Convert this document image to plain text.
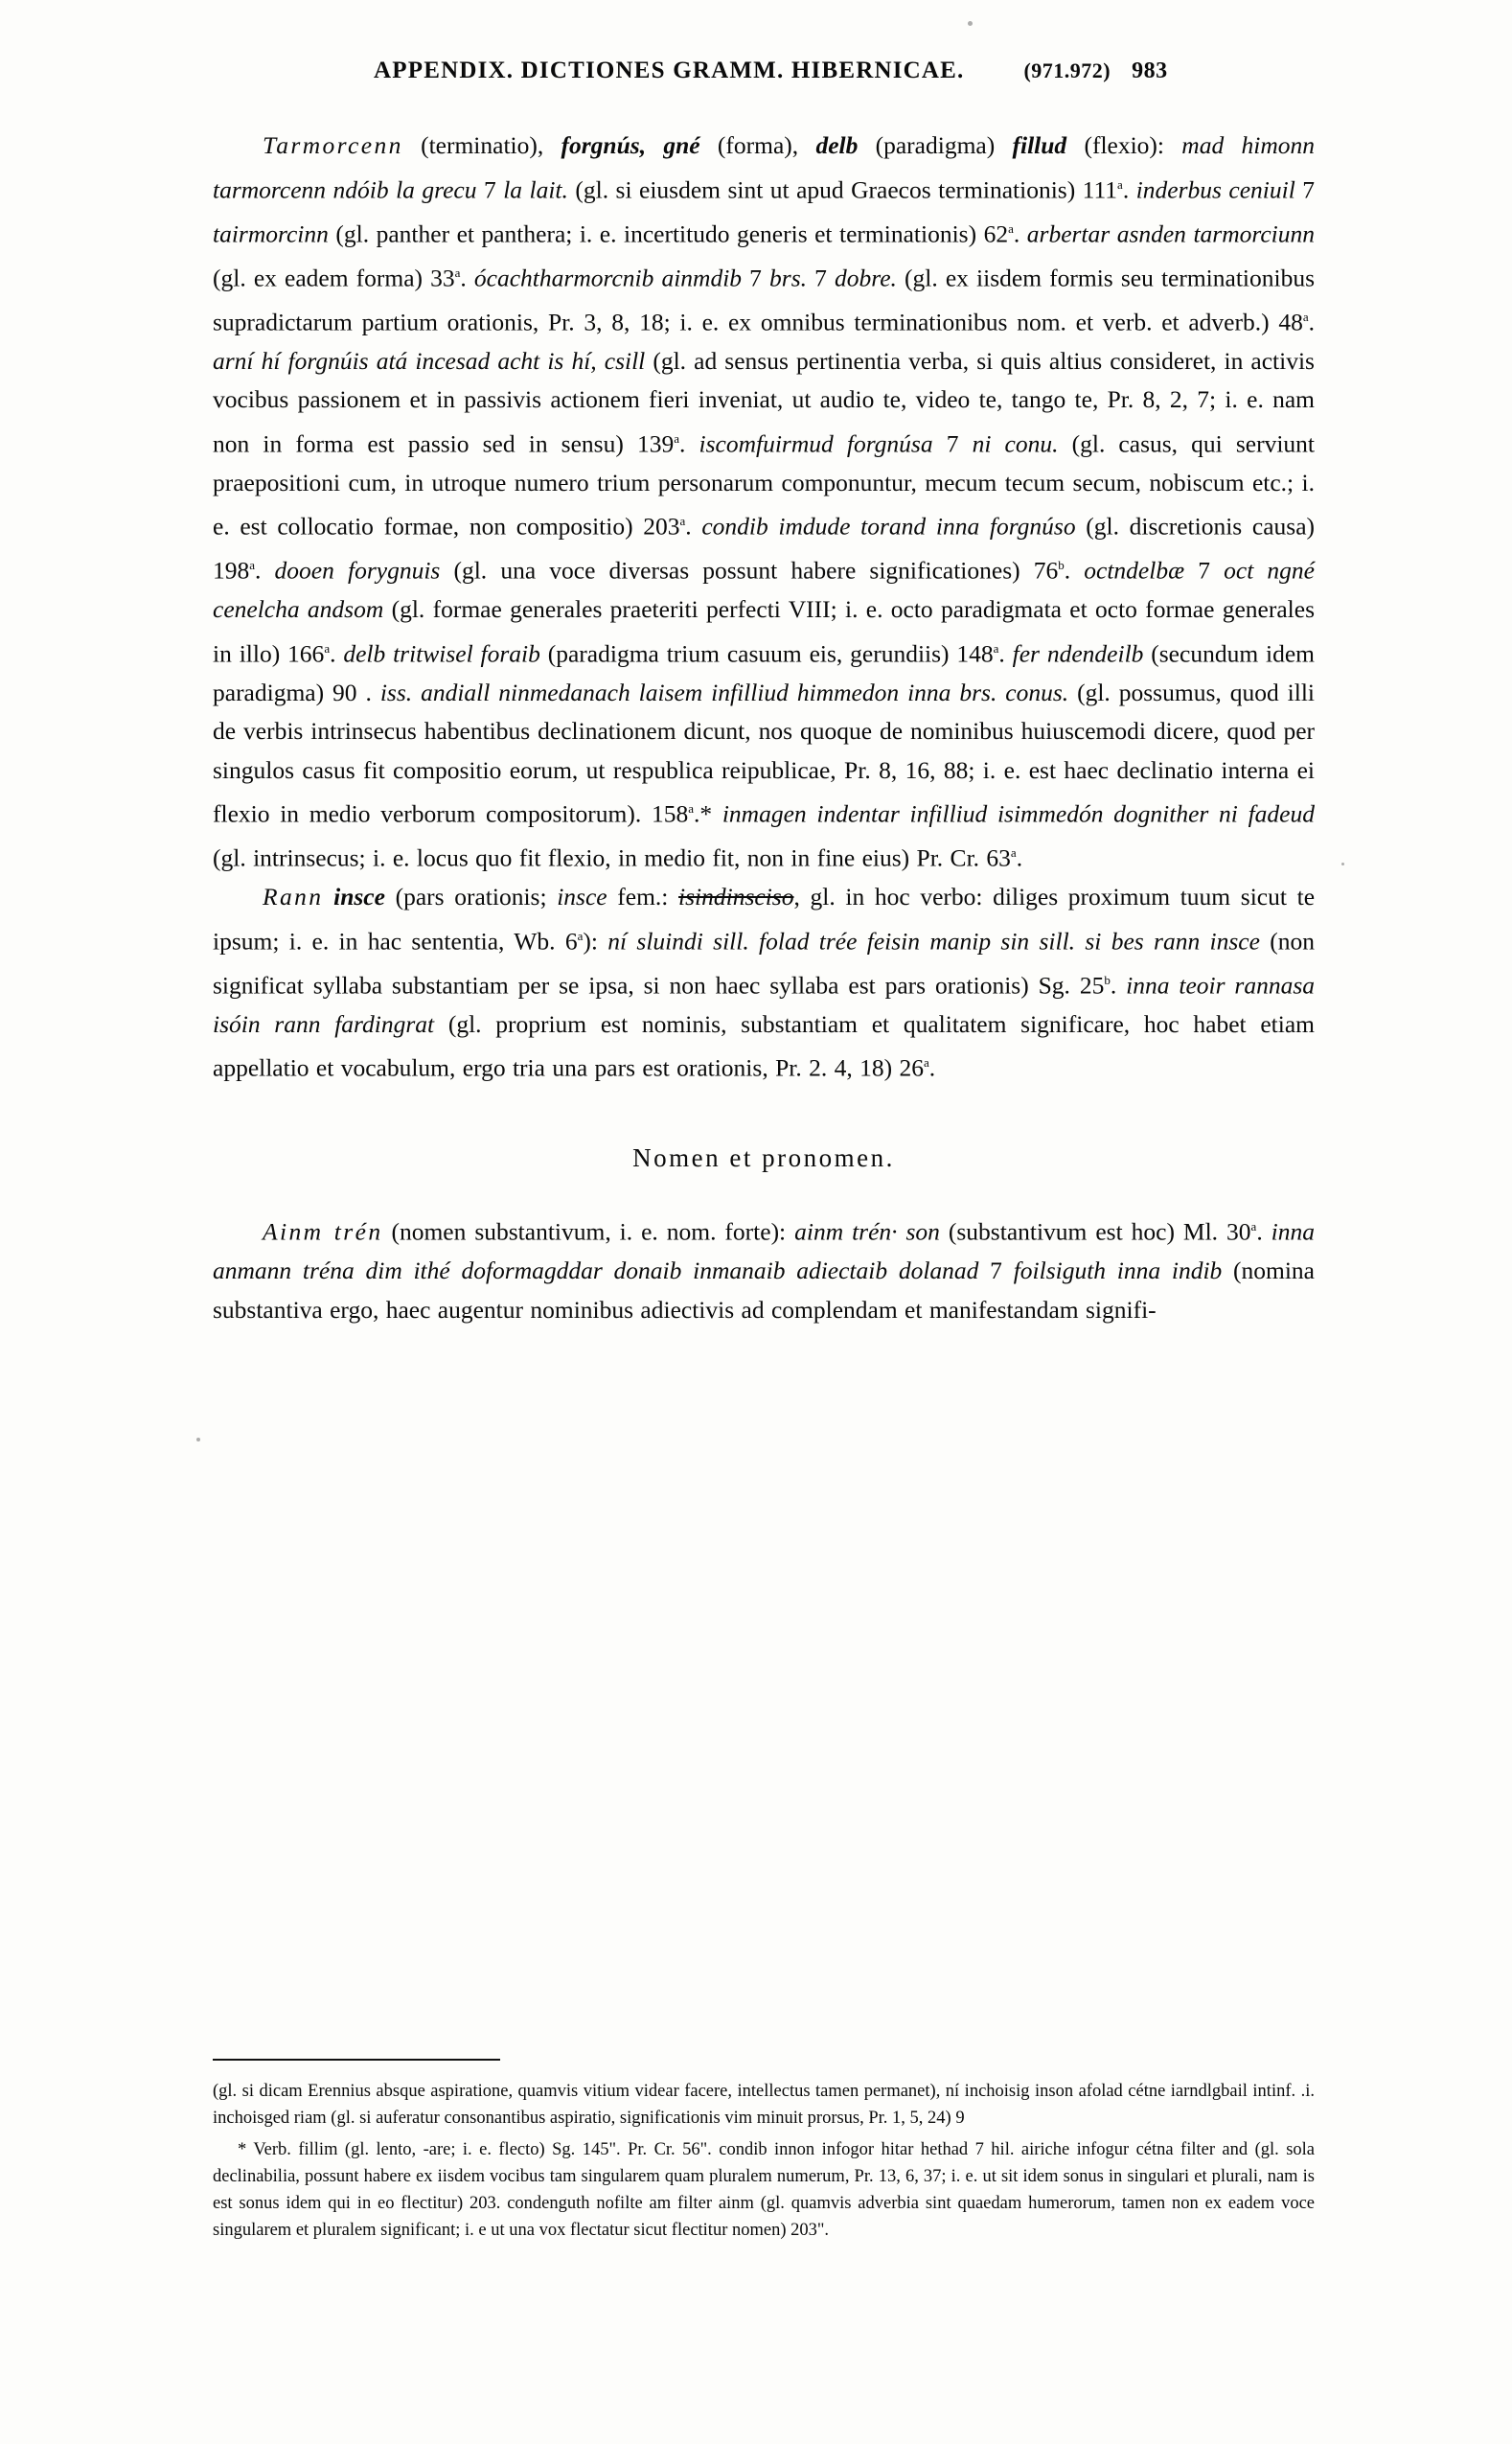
APPENDIX. DICTIONES GRAMM. HIBERNICAE.	(971.972) 983

Tarmorcenn (terminatio), forgnús, gné (forma), delb (paradigma) fillud (flexio): mad himonn tarmorcenn ndóib la grecu 7 la lait. (gl. si eiusdem sint ut apud Graecos terminationis) 111$^a$. inderbus ceniuil 7 tairmorcinn (gl. panther et panthera; i. e. incertitudo generis et terminationis) 62$^a$. arbertar asnden tarmorciunn (gl. ex eadem forma) 33$^a$. ócachtharmorcnib ainmdib 7 brs. 7 dobre. (gl. ex iisdem formis seu terminationibus supradictarum partium orationis, Pr. 3, 8, 18; i. e. ex omnibus terminationibus nom. et verb. et adverb.) 48$^a$. arní hí forgnúis atá incesad acht is hí, csill (gl. ad sensus pertinentia verba, si quis altius consideret, in activis vocibus passionem et in passivis actionem fieri inveniat, ut audio te, video te, tango te, Pr. 8, 2, 7; i. e. nam non in forma est passio sed in sensu) 139$^a$. iscomfuirmud forgnúsa 7 ni conu. (gl. casus, qui serviunt praepositioni cum, in utroque numero trium personarum componuntur, mecum tecum secum, nobiscum etc.; i. e. est collocatio formae, non compositio) 203$^a$. condib imdude torand inna forgnúso (gl. discretionis causa) 198$^a$. dooen forygnuis (gl. una voce diversas possunt habere significationes) 76$^b$. octndelbæ 7 oct ngné cenelcha andsom (gl. formae generales praeteriti perfecti VIII; i. e. octo paradigmata et octo formae generales in illo) 166$^a$. delb tritwisel foraib (paradigma trium casuum eis, gerundiis) 148$^a$. fer ndendeilb (secundum idem paradigma) 90 . iss. andiall ninmedanach laisem infilliud himmedon inna brs. conus. (gl. possumus, quod illi de verbis intrinsecus habentibus declinationem dicunt, nos quoque de nominibus huiuscemodi dicere, quod per singulos casus fit compositio eorum, ut respublica reipublicae, Pr. 8, 16, 88; i. e. est haec declinatio interna ei flexio in medio verborum compositorum). 158$^a$.* inmagen indentar infilliud isimmedón dognither ni fadeud (gl. intrinsecus; i. e. locus quo fit flexio, in medio fit, non in fine eius) Pr. Cr. 63$^a$.

Rann insce (pars orationis; insce fem.: isindinsciso, gl. in hoc verbo: diliges proximum tuum sicut te ipsum; i. e. in hac sententia, Wb. 6$^a$): ní sluindi sill. folad trée feisin manip sin sill. si bes rann insce (non significat syllaba substantiam per se ipsa, si non haec syllaba est pars orationis) Sg. 25$^b$. inna teoir rannasa isóin rann fardingrat (gl. proprium est nominis, substantiam et qualitatem significare, hoc habet etiam appellatio et vocabulum, ergo tria una pars est orationis, Pr. 2. 4, 18) 26$^a$.

Nomen et pronomen.

Ainm trén (nomen substantivum, i. e. nom. forte): ainm trén· son (substantivum est hoc) Ml. 30$^a$. inna anmann tréna dim ithé doformagddar donaib inmanaib adiectaib dolanad 7 foilsiguth inna indib (nomina substantiva ergo, haec augentur nominibus adiectivis ad complendam et manifestandam signifi-

(gl. si dicam Erennius absque aspiratione, quamvis vitium videar facere, intellectus tamen permanet), ní inchoisig inson afolad cétne iarndlgbail intinf. .i. inchoisged riam (gl. si auferatur consonantibus aspiratio, significationis vim minuit prorsus, Pr. 1, 5, 24) 9

* Verb. fillim (gl. lento, -are; i. e. flecto) Sg. 145". Pr. Cr. 56". condib innon infogor hitar hethad 7 hil. airiche infogur cétna filter and (gl. sola declinabilia, possunt habere ex iisdem vocibus tam singularem quam pluralem numerum, Pr. 13, 6, 37; i. e. ut sit idem sonus in singulari et plurali, nam is est sonus idem qui in eo flectitur) 203. condenguth nofilte am filter ainm (gl. quamvis adverbia sint quaedam humerorum, tamen non ex eadem voce singularem et pluralem significant; i. e ut una vox flectatur sicut flectitur nomen) 203".
